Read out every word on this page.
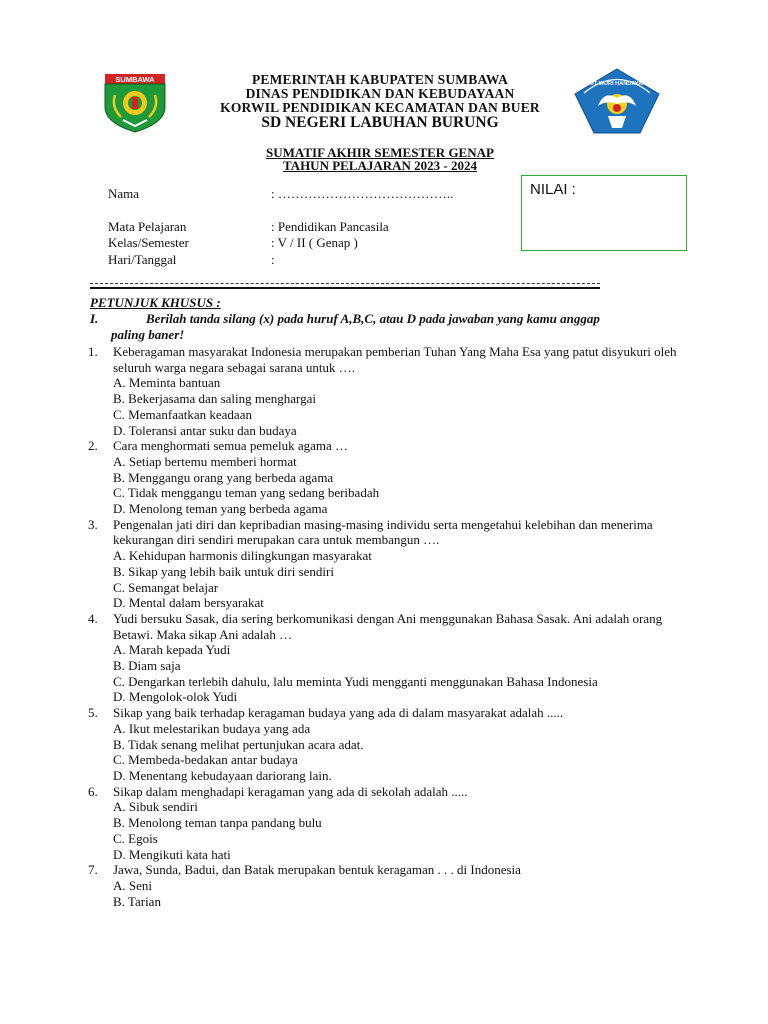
SUMBAWA	TUT WURI HANDAYANI
PEMERINTAH KABUPATEN SUMBAWA
DINAS PENDIDIKAN DAN KEBUDAYAAN
KORWIL PENDIDIKAN KECAMATAN DAN BUER
SD NEGERI LABUHAN BURUNG
SUMATIF AKHIR SEMESTER GENAP
TAHUN PELAJARAN 2023 - 2024
Nama	: …………………………………..
Mata Pelajaran	: Pendidikan Pancasila
Kelas/Semester	: V / II ( Genap )
Hari/Tanggal	:
NILAI :
PETUNJUK KHUSUS :
I.	Berilah tanda silang (x) pada huruf A,B,C, atau D pada jawaban yang kamu anggap
paling baner!
1.	Keberagaman masyarakat Indonesia merupakan pemberian Tuhan Yang Maha Esa yang patut disyukuri oleh seluruh warga negara sebagai sarana untuk ….
A. Meminta bantuan
B. Bekerjasama dan saling menghargai
C. Memanfaatkan keadaan
D. Toleransi antar suku dan budaya
2.	Cara menghormati semua pemeluk agama …
A. Setiap bertemu memberi hormat
B. Menggangu orang yang berbeda agama
C. Tidak menggangu teman yang sedang beribadah
D. Menolong teman yang berbeda agama
3.	Pengenalan jati diri dan kepribadian masing-masing individu serta mengetahui kelebihan dan menerima kekurangan diri sendiri merupakan cara untuk membangun ….
A. Kehidupan harmonis dilingkungan masyarakat
B. Sikap yang lebih baik untuk diri sendiri
C. Semangat belajar
D. Mental dalam bersyarakat
4.	Yudi bersuku Sasak, dia sering berkomunikasi dengan Ani menggunakan Bahasa Sasak. Ani adalah orang Betawi. Maka sikap Ani adalah …
A. Marah kepada Yudi
B. Diam saja
C. Dengarkan terlebih dahulu, lalu meminta Yudi mengganti menggunakan Bahasa Indonesia
D. Mengolok-olok Yudi
5.	Sikap yang baik terhadap keragaman budaya yang ada di dalam masyarakat adalah .....
A. Ikut melestarikan budaya yang ada
B. Tidak senang melihat pertunjukan acara adat.
C. Membeda-bedakan antar budaya
D. Menentang kebudayaan dariorang lain.
6.	Sikap dalam menghadapi keragaman yang ada di sekolah adalah .....
A. Sibuk sendiri
B. Menolong teman tanpa pandang bulu
C. Egois
D. Mengikuti kata hati
7.	Jawa, Sunda, Badui, dan Batak merupakan bentuk keragaman . . . di Indonesia
A. Seni
B. Tarian
